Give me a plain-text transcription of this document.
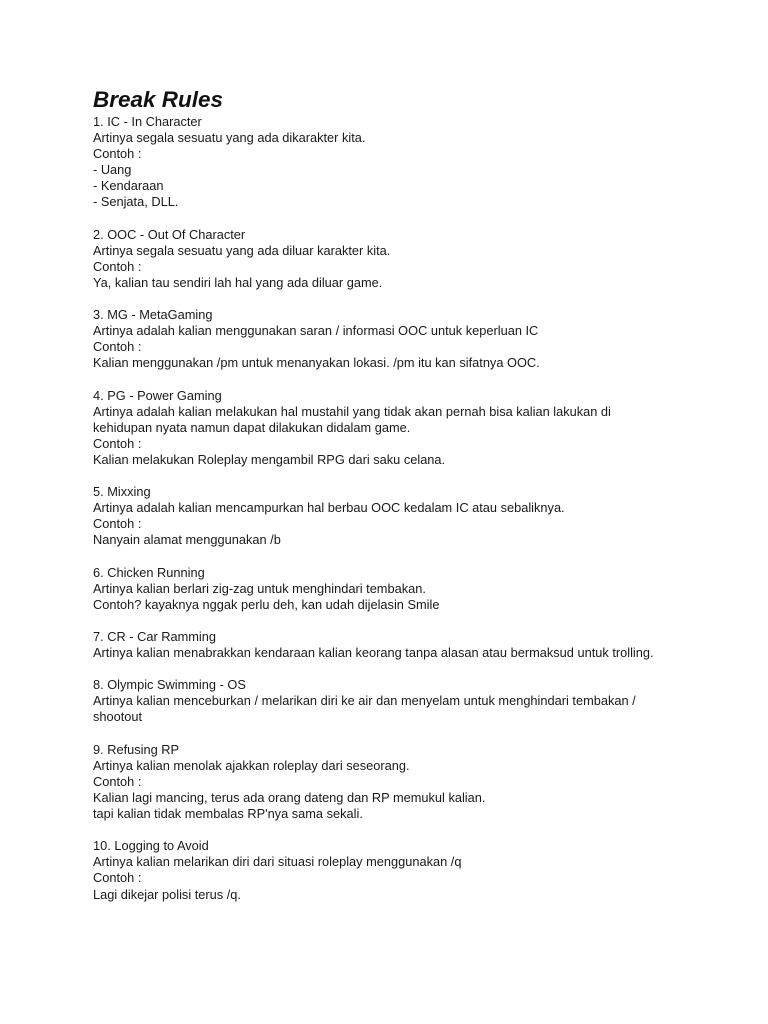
Break Rules
1. IC - In Character
Artinya segala sesuatu yang ada dikarakter kita.
Contoh :
- Uang
- Kendaraan
- Senjata, DLL.
2. OOC - Out Of Character
Artinya segala sesuatu yang ada diluar karakter kita.
Contoh :
Ya, kalian tau sendiri lah hal yang ada diluar game.
3. MG - MetaGaming
Artinya adalah kalian menggunakan saran / informasi OOC untuk keperluan IC
Contoh :
Kalian menggunakan /pm untuk menanyakan lokasi. /pm itu kan sifatnya OOC.
4. PG - Power Gaming
Artinya adalah kalian melakukan hal mustahil yang tidak akan pernah bisa kalian lakukan di
kehidupan nyata namun dapat dilakukan didalam game.
Contoh :
Kalian melakukan Roleplay mengambil RPG dari saku celana.
5. Mixxing
Artinya adalah kalian mencampurkan hal berbau OOC kedalam IC atau sebaliknya.
Contoh :
Nanyain alamat menggunakan /b
6. Chicken Running
Artinya kalian berlari zig-zag untuk menghindari tembakan.
Contoh? kayaknya nggak perlu deh, kan udah dijelasin Smile
7. CR - Car Ramming
Artinya kalian menabrakkan kendaraan kalian keorang tanpa alasan atau bermaksud untuk trolling.
8. Olympic Swimming - OS
Artinya kalian menceburkan / melarikan diri ke air dan menyelam untuk menghindari tembakan /
shootout
9. Refusing RP
Artinya kalian menolak ajakkan roleplay dari seseorang.
Contoh :
Kalian lagi mancing, terus ada orang dateng dan RP memukul kalian.
tapi kalian tidak membalas RP'nya sama sekali.
10. Logging to Avoid
Artinya kalian melarikan diri dari situasi roleplay menggunakan /q
Contoh :
Lagi dikejar polisi terus /q.
